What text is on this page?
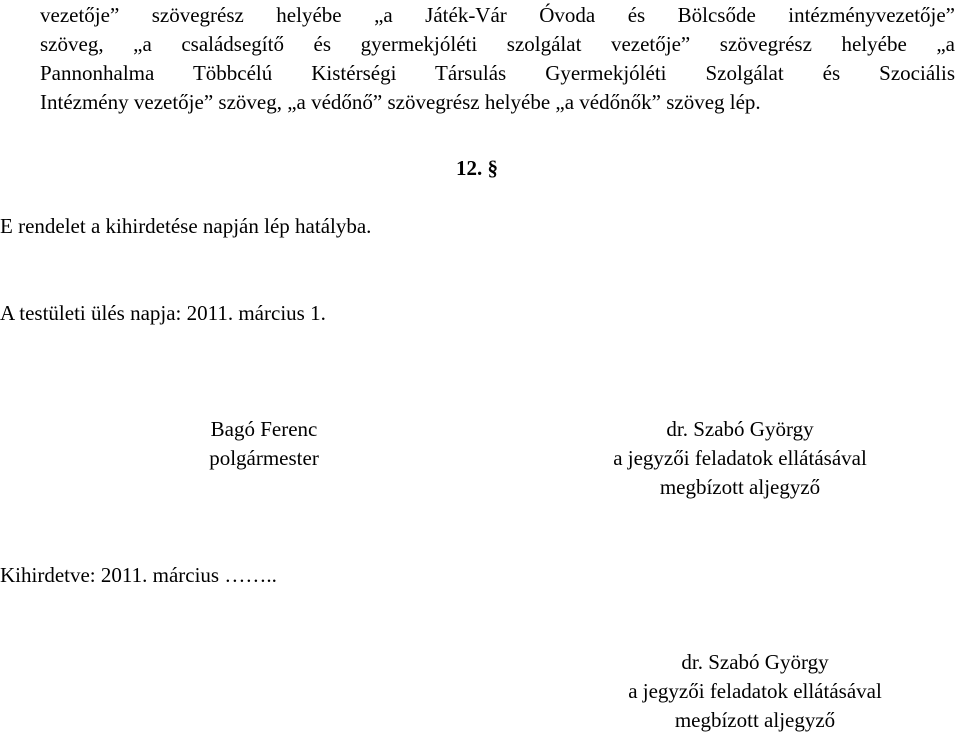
vezetője” szövegrész helyébe „a Játék-Vár Óvoda és Bölcsőde intézményvezetője”
szöveg, „a családsegítő és gyermekjóléti szolgálat vezetője” szövegrész helyébe „a
Pannonhalma Többcélú Kistérségi Társulás Gyermekjóléti Szolgálat és Szociális
Intézmény vezetője” szöveg, „a védőnő” szövegrész helyébe „a védőnők” szöveg lép.
12. §
E rendelet a kihirdetése napján lép hatályba.
A testületi ülés napja: 2011. március 1.
Bagó Ferenc
polgármester
dr. Szabó György
a jegyzői feladatok ellátásával
megbízott aljegyző
Kihirdetve: 2011. március ……..
dr. Szabó György
a jegyzői feladatok ellátásával
megbízott aljegyző
